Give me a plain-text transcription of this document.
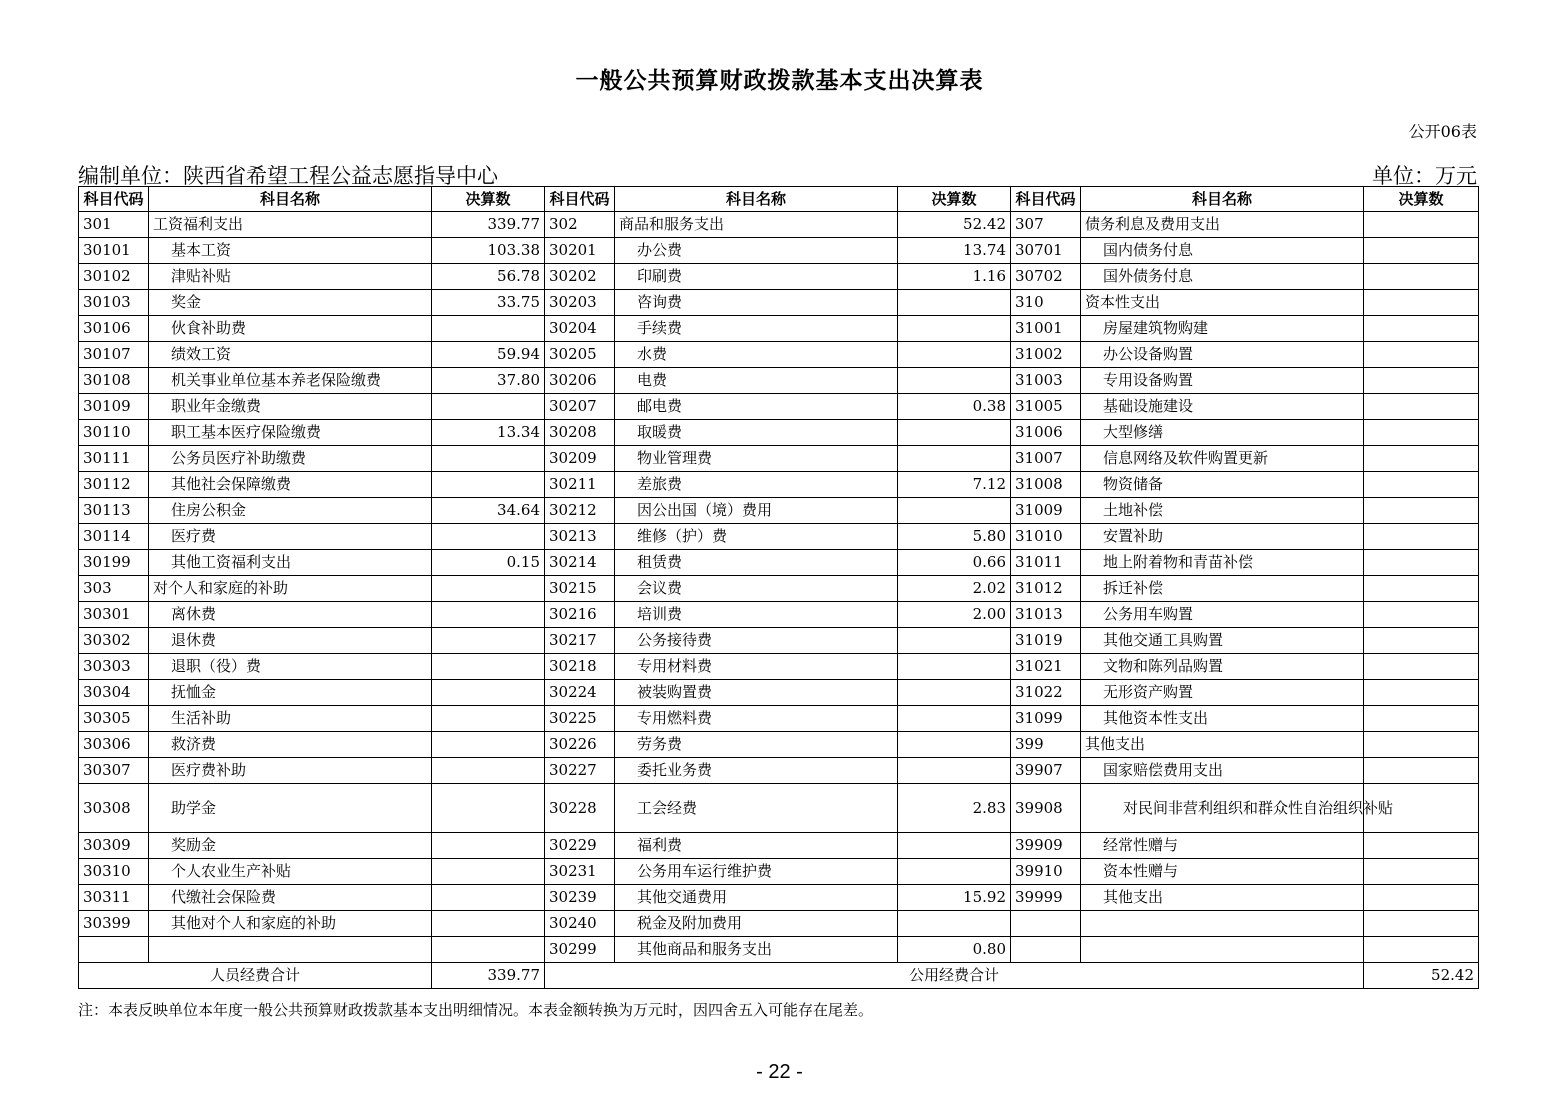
一般公共预算财政拨款基本支出决算表
公开06表
编制单位：陕西省希望工程公益志愿指导中心	单位：万元
科目代码	科目名称	决算数	科目代码	科目名称	决算数	科目代码	科目名称	决算数
301	工资福利支出	339.77	302	商品和服务支出	52.42	307	债务利息及费用支出	
30101	基本工资	103.38	30201	办公费	13.74	30701	国内债务付息	
30102	津贴补贴	56.78	30202	印刷费	1.16	30702	国外债务付息	
30103	奖金	33.75	30203	咨询费		310	资本性支出	
30106	伙食补助费		30204	手续费		31001	房屋建筑物购建	
30107	绩效工资	59.94	30205	水费		31002	办公设备购置	
30108	机关事业单位基本养老保险缴费	37.80	30206	电费		31003	专用设备购置	
30109	职业年金缴费		30207	邮电费	0.38	31005	基础设施建设	
30110	职工基本医疗保险缴费	13.34	30208	取暖费		31006	大型修缮	
30111	公务员医疗补助缴费		30209	物业管理费		31007	信息网络及软件购置更新	
30112	其他社会保障缴费		30211	差旅费	7.12	31008	物资储备	
30113	住房公积金	34.64	30212	因公出国（境）费用		31009	土地补偿	
30114	医疗费		30213	维修（护）费	5.80	31010	安置补助	
30199	其他工资福利支出	0.15	30214	租赁费	0.66	31011	地上附着物和青苗补偿	
303	对个人和家庭的补助		30215	会议费	2.02	31012	拆迁补偿	
30301	离休费		30216	培训费	2.00	31013	公务用车购置	
30302	退休费		30217	公务接待费		31019	其他交通工具购置	
30303	退职（役）费		30218	专用材料费		31021	文物和陈列品购置	
30304	抚恤金		30224	被装购置费		31022	无形资产购置	
30305	生活补助		30225	专用燃料费		31099	其他资本性支出	
30306	救济费		30226	劳务费		399	其他支出	
30307	医疗费补助		30227	委托业务费		39907	国家赔偿费用支出	
30308	助学金		30228	工会经费	2.83	39908	对民间非营利组织和群众性自治组织补贴	
30309	奖励金		30229	福利费		39909	经常性赠与	
30310	个人农业生产补贴		30231	公务用车运行维护费		39910	资本性赠与	
30311	代缴社会保险费		30239	其他交通费用	15.92	39999	其他支出	
30399	其他对个人和家庭的补助		30240	税金及附加费用				
			30299	其他商品和服务支出	0.80			
人员经费合计		339.77	公用经费合计					52.42
注：本表反映单位本年度一般公共预算财政拨款基本支出明细情况。本表金额转换为万元时，因四舍五入可能存在尾差。
- 22 -
